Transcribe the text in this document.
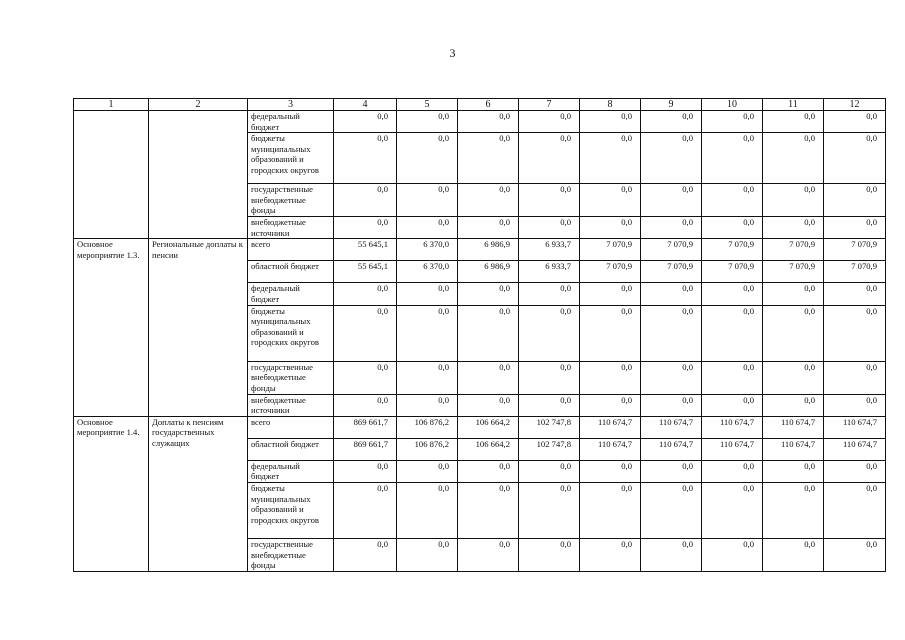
3
1	2	3	4	5	6	7	8	9	10	11	12
		федеральный бюджет	0,0	0,0	0,0	0,0	0,0	0,0	0,0	0,0	0,0
		бюджеты муниципальных образований и городских округов	0,0	0,0	0,0	0,0	0,0	0,0	0,0	0,0	0,0
		государственные внебюджетные фонды	0,0	0,0	0,0	0,0	0,0	0,0	0,0	0,0	0,0
		внебюджетные источники	0,0	0,0	0,0	0,0	0,0	0,0	0,0	0,0	0,0
Основное мероприятие 1.3.	Региональные доплаты к пенсии	всего	55 645,1	6 370,0	6 986,9	6 933,7	7 070,9	7 070,9	7 070,9	7 070,9	7 070,9
		областной бюджет	55 645,1	6 370,0	6 986,9	6 933,7	7 070,9	7 070,9	7 070,9	7 070,9	7 070,9
		федеральный бюджет	0,0	0,0	0,0	0,0	0,0	0,0	0,0	0,0	0,0
		бюджеты муниципальных образований и городских округов	0,0	0,0	0,0	0,0	0,0	0,0	0,0	0,0	0,0
		государственные внебюджетные фонды	0,0	0,0	0,0	0,0	0,0	0,0	0,0	0,0	0,0
		внебюджетные источники	0,0	0,0	0,0	0,0	0,0	0,0	0,0	0,0	0,0
Основное мероприятие 1.4.	Доплаты к пенсиям государственных служащих	всего	869 661,7	106 876,2	106 664,2	102 747,8	110 674,7	110 674,7	110 674,7	110 674,7	110 674,7
		областной бюджет	869 661,7	106 876,2	106 664,2	102 747,8	110 674,7	110 674,7	110 674,7	110 674,7	110 674,7
		федеральный бюджет	0,0	0,0	0,0	0,0	0,0	0,0	0,0	0,0	0,0
		бюджеты муниципальных образований и городских округов	0,0	0,0	0,0	0,0	0,0	0,0	0,0	0,0	0,0
		государственные внебюджетные фонды	0,0	0,0	0,0	0,0	0,0	0,0	0,0	0,0	0,0
